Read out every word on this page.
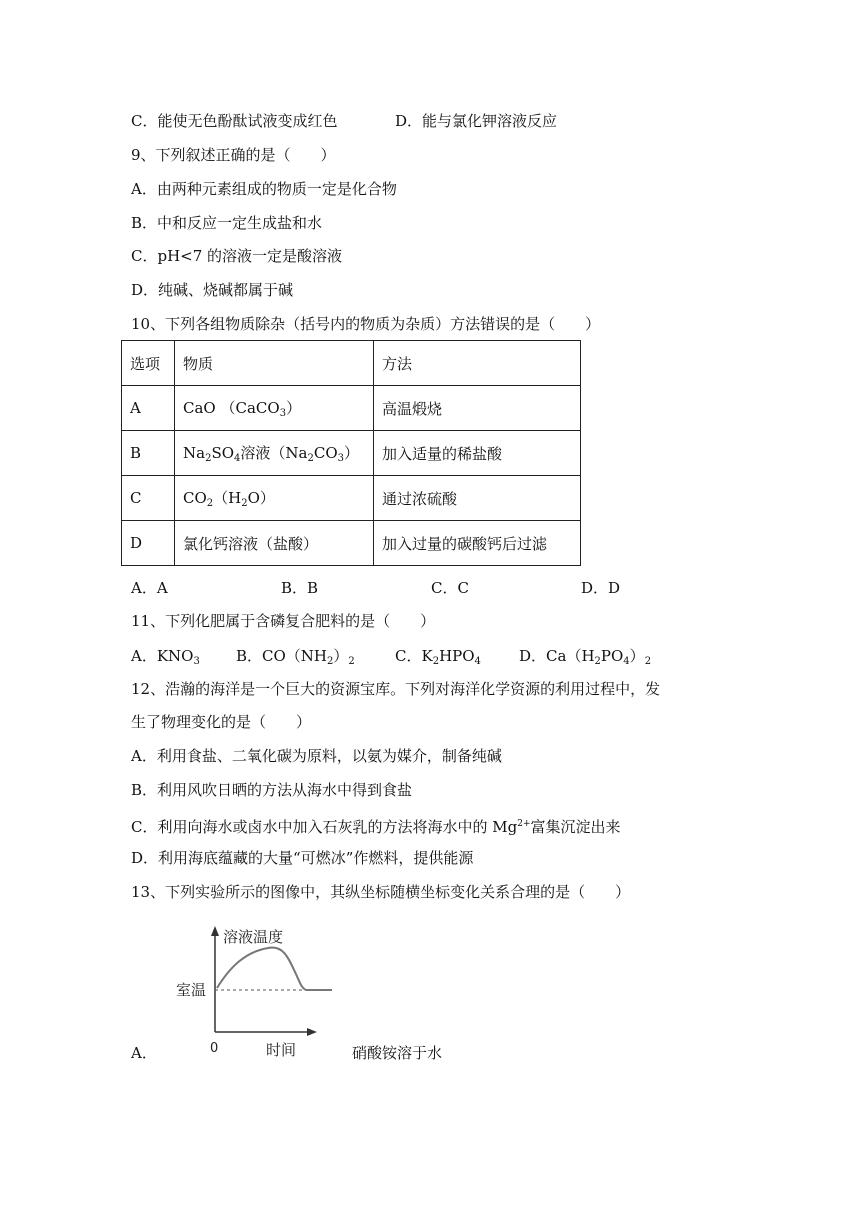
C．能使无色酚酞试液变成红色	D．能与氯化钾溶液反应
9、下列叙述正确的是（　　）
A．由两种元素组成的物质一定是化合物
B．中和反应一定生成盐和水
C．pH<7 的溶液一定是酸溶液
D．纯碱、烧碱都属于碱
10、下列各组物质除杂（括号内的物质为杂质）方法错误的是（　　）
选项	物质	方法
A	CaO （CaCO$_3$）	高温煅烧
B	$Na_2SO_4$溶液$(Na_2CO_3)$	加入适量的稀盐酸
C	$CO_2(H_2O)$	通过浓硫酸
D	氯化钙溶液（盐酸）	加入过量的碳酸钙后过滤
A．A	B．B	C．C	D．D
11、下列化肥属于含磷复合肥料的是（　　）
A．$KNO_3$ B．$CO(NH_2)_2$	C．$K_2HPO_4$	D．$Ca(H_2PO_4)_2$
12、浩瀚的海洋是一个巨大的资源宝库。下列对海洋化学资源的利用过程中，发
生了物理变化的是（　　）
A．利用食盐、二氧化碳为原料，以氨为媒介，制备纯碱
B．利用风吹日晒的方法从海水中得到食盐
C．利用向海水或卤水中加入石灰乳的方法将海水中的 $Mg^{2+}$富集沉淀出来
D．利用海底蕴藏的大量“可燃冰”作燃料，提供能源
13、下列实验所示的图像中，其纵坐标随横坐标变化关系合理的是（　　）
A．	硝酸铵溶于水
溶液温度
室温
0	时间
